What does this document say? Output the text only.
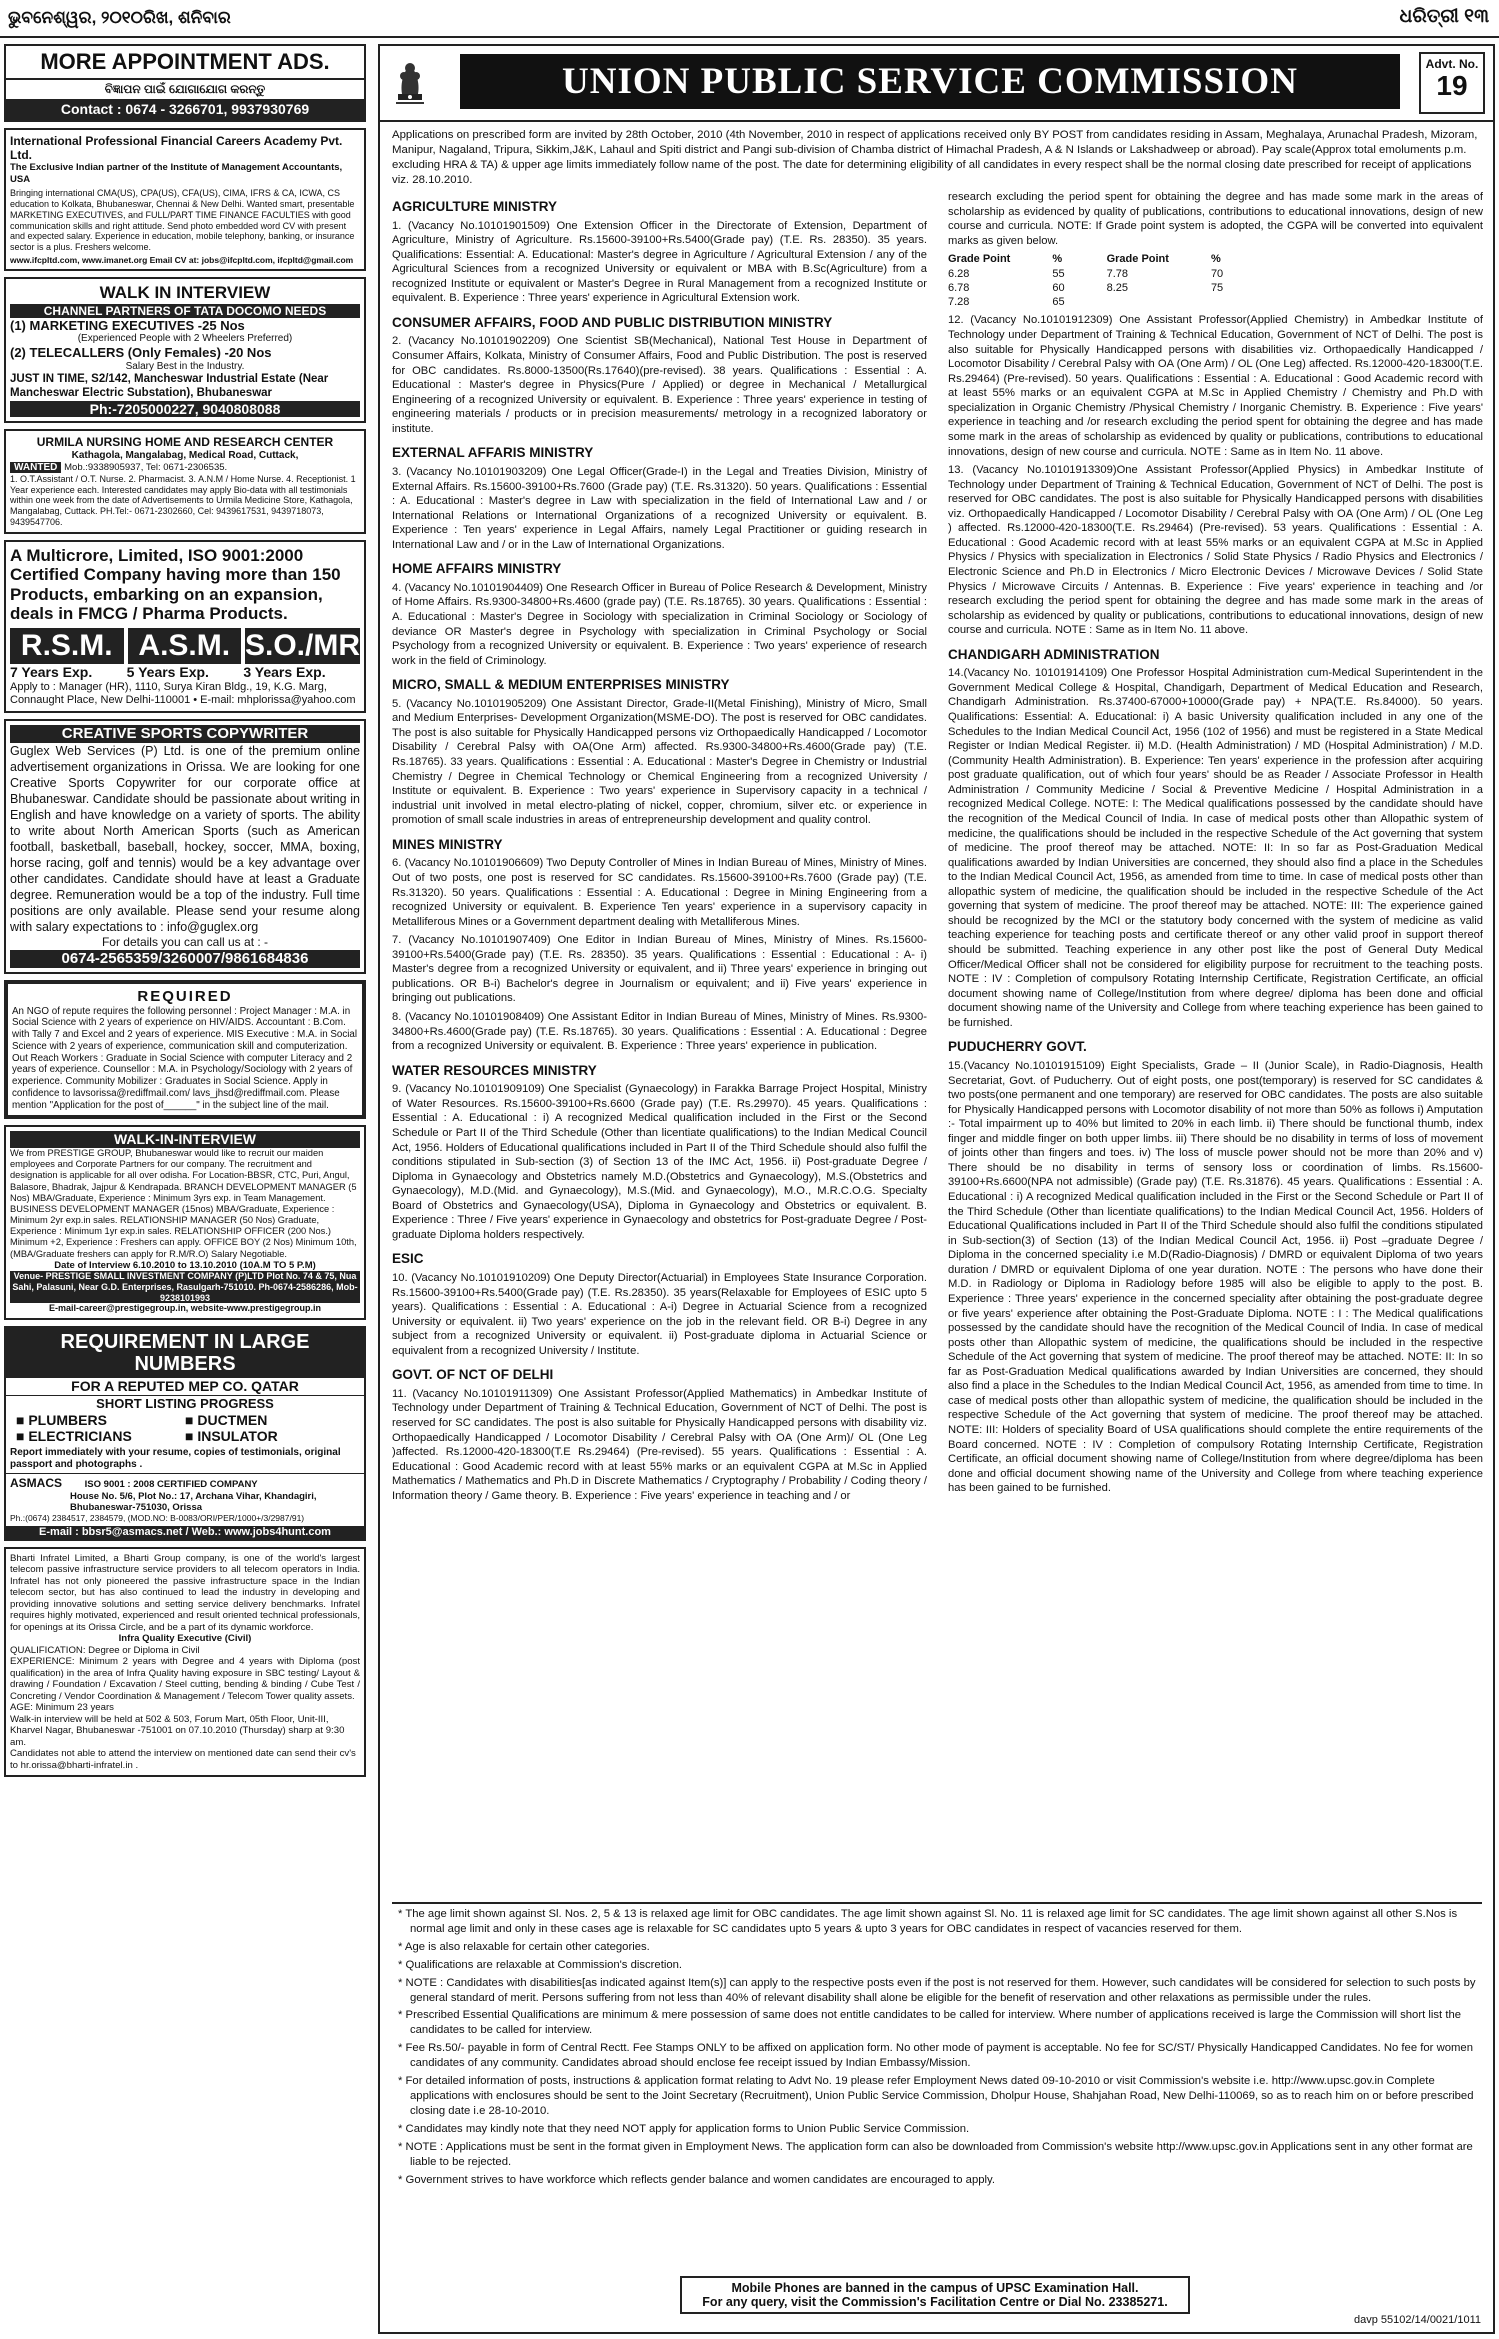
ଭୁବନେଶ୍ୱର, ୨୦୧୦ରିଖ, ଶନିବାର	ଧରିତ୍ରୀ ୧୩
MORE APPOINTMENT ADS.
ବିଜ୍ଞାପନ ପାଇଁ ଯୋଗାଯୋଗ କରନ୍ତୁ
Contact : 0674 - 3266701, 9937930769
International Professional Financial Careers Academy Pvt. Ltd.
The Exclusive Indian partner of the Institute of Management Accountants, USA
Bringing international CMA(US), CPA(US), CFA(US), CIMA, IFRS & CA, ICWA, CS education to Kolkata, Bhubaneswar, Chennai & New Delhi. Wanted smart, presentable MARKETING EXECUTIVES, and FULL/PART TIME FINANCE FACULTIES with good communication skills and right attitude. Send photo embedded word CV with present and expected salary. Experience in education, mobile telephony, banking, or insurance sector is a plus. Freshers welcome.
www.ifcpltd.com, www.imanet.org Email CV at: jobs@ifcpltd.com, ifcpltd@gmail.com
WALK IN INTERVIEW
CHANNEL PARTNERS OF TATA DOCOMO NEEDS
(1) MARKETING EXECUTIVES -25 Nos
(Experienced People with 2 Wheelers Preferred)
(2) TELECALLERS (Only Females) -20 Nos
Salary Best in the Industry.
JUST IN TIME, S2/142, Mancheswar Industrial Estate (Near Mancheswar Electric Substation), Bhubaneswar
Ph:-7205000227, 9040808088
URMILA NURSING HOME AND RESEARCH CENTER
Kathagola, Mangalabag, Medical Road, Cuttack,
WANTED Mob.:9338905937, Tel: 0671-2306535.
1. O.T.Assistant / O.T. Nurse. 2. Pharmacist. 3. A.N.M / Home Nurse. 4. Receptionist. 1 Year experience each. Interested candidates may apply Bio-data with all testimonials within one week from the date of Advertisements to Urmila Medicine Store, Kathagola, Mangalabag, Cuttack. PH.Tel:- 0671-2302660, Cel: 9439617531, 9439718073, 9439547706.
A Multicrore, Limited, ISO 9001:2000 Certified Company having more than 150 Products, embarking on an expansion, deals in FMCG / Pharma Products.
R.S.M. A.S.M. S.O./MR
7 Years Exp.	5 Years Exp.	3 Years Exp.
Apply to : Manager (HR), 1110, Surya Kiran Bldg., 19, K.G. Marg, Connaught Place, New Delhi-110001 • E-mail: mhplorissa@yahoo.com
CREATIVE SPORTS COPYWRITER
Guglex Web Services (P) Ltd. is one of the premium online advertisement organizations in Orissa. We are looking for one Creative Sports Copywriter for our corporate office at Bhubaneswar. Candidate should be passionate about writing in English and have knowledge on a variety of sports. The ability to write about North American Sports (such as American football, basketball, baseball, hockey, soccer, MMA, boxing, horse racing, golf and tennis) would be a key advantage over other candidates. Candidate should have at least a Graduate degree. Remuneration would be a top of the industry. Full time positions are only available. Please send your resume along with salary expectations to : info@guglex.org
For details you can call us at : -
0674-2565359/3260007/9861684836
REQUIRED
An NGO of repute requires the following personnel : Project Manager : M.A. in Social Science with 2 years of experience on HIV/AIDS. Accountant : B.Com. with Tally 7 and Excel and 2 years of experience. MIS Executive : M.A. in Social Science with 2 years of experience, communication skill and computerization. Out Reach Workers : Graduate in Social Science with computer Literacy and 2 years of experience. Counsellor : M.A. in Psychology/Sociology with 2 years of experience. Community Mobilizer : Graduates in Social Science. Apply in confidence to lavsorissa@rediffmail.com/ lavs_jhsd@rediffmail.com. Please mention "Application for the post of______" in the subject line of the mail.
WALK-IN-INTERVIEW
We from PRESTIGE GROUP, Bhubaneswar would like to recruit our maiden employees and Corporate Partners for our company. The recruitment and designation is applicable for all over odisha. For Location-BBSR, CTC, Puri, Angul, Balasore, Bhadrak, Jajpur & Kendrapada. BRANCH DEVELOPMENT MANAGER (5 Nos) MBA/Graduate, Experience : Minimum 3yrs exp. in Team Management. BUSINESS DEVELOPMENT MANAGER (15nos) MBA/Graduate, Experience : Minimum 2yr exp.in sales. RELATIONSHIP MANAGER (50 Nos) Graduate, Experience : Minimum 1yr exp.in sales. RELATIONSHIP OFFICER (200 Nos.) Minimum +2, Experience : Freshers can apply. OFFICE BOY (2 Nos) Minimum 10th, (MBA/Graduate freshers can apply for R.M/R.O) Salary Negotiable.
Date of Interview 6.10.2010 to 13.10.2010 (10A.M TO 5 P.M)
Venue- PRESTIGE SMALL INVESTMENT COMPANY (P)LTD Plot No. 74 & 75, Nua Sahi, Palasuni, Near G.D. Enterprises, Rasulgarh-751010. Ph-0674-2586286, Mob-9238101993
E-mail-career@prestigegroup.in, website-www.prestigegroup.in
REQUIREMENT IN LARGE NUMBERS
FOR A REPUTED MEP CO. QATAR
SHORT LISTING PROGRESS
■ PLUMBERS	■ DUCTMEN
■ ELECTRICIANS	■ INSULATOR
Report immediately with your resume, copies of testimonials, original passport and photographs .
ASMACS ISO 9001 : 2008 CERTIFIED COMPANY
House No. 5/6, Plot No.: 17, Archana Vihar, Khandagiri, Bhubaneswar-751030, Orissa
Ph.:(0674) 2384517, 2384579, (MOD.NO: B-0083/ORI/PER/1000+/3/2987/91)
E-mail : bbsr5@asmacs.net / Web.: www.jobs4hunt.com
Bharti Infratel Limited, a Bharti Group company, is one of the world's largest telecom passive infrastructure service providers to all telecom operators in India. Infratel has not only pioneered the passive infrastructure space in the Indian telecom sector, but has also continued to lead the industry in developing and providing innovative solutions and setting service delivery benchmarks. Infratel requires highly motivated, experienced and result oriented technical professionals, for openings at its Orissa Circle, and be a part of its dynamic workforce.
Infra Quality Executive (Civil)
QUALIFICATION: Degree or Diploma in Civil
EXPERIENCE: Minimum 2 years with Degree and 4 years with Diploma (post qualification) in the area of Infra Quality having exposure in SBC testing/ Layout & drawing / Foundation / Excavation / Steel cutting, bending & binding / Cube Test / Concreting / Vendor Coordination & Management / Telecom Tower quality assets.
AGE: Minimum 23 years
Walk-in interview will be held at 502 & 503, Forum Mart, 05th Floor, Unit-III, Kharvel Nagar, Bhubaneswar -751001 on 07.10.2010 (Thursday) sharp at 9:30 am.
Candidates not able to attend the interview on mentioned date can send their cv's to hr.orissa@bharti-infratel.in .
UNION PUBLIC SERVICE COMMISSION	Advt. No.
19
Applications on prescribed form are invited by 28th October, 2010 (4th November, 2010 in respect of applications received only BY POST from candidates residing in Assam, Meghalaya, Arunachal Pradesh, Mizoram, Manipur, Nagaland, Tripura, Sikkim,J&K, Lahaul and Spiti district and Pangi sub-division of Chamba district of Himachal Pradesh, A & N Islands or Lakshadweep or abroad). Pay scale(Approx total emoluments p.m. excluding HRA & TA) & upper age limits immediately follow name of the post. The date for determining eligibility of all candidates in every respect shall be the normal closing date prescribed for receipt of applications viz. 28.10.2010.
AGRICULTURE MINISTRY
1. (Vacancy No.10101901509) One Extension Officer in the Directorate of Extension, Department of Agriculture, Ministry of Agriculture. Rs.15600-39100+Rs.5400(Grade pay) (T.E. Rs. 28350). 35 years. Qualifications: Essential: A. Educational: Master's degree in Agriculture / Agricultural Extension / any of the Agricultural Sciences from a recognized University or equivalent or MBA with B.Sc(Agriculture) from a recognized Institute or equivalent or Master's Degree in Rural Management from a recognized Institute or equivalent. B. Experience : Three years' experience in Agricultural Extension work.
CONSUMER AFFAIRS, FOOD AND PUBLIC DISTRIBUTION MINISTRY
2. (Vacancy No.10101902209) One Scientist SB(Mechanical), National Test House in Department of Consumer Affairs, Kolkata, Ministry of Consumer Affairs, Food and Public Distribution. The post is reserved for OBC candidates. Rs.8000-13500(Rs.17640)(pre-revised). 38 years. Qualifications : Essential : A. Educational : Master's degree in Physics(Pure / Applied) or degree in Mechanical / Metallurgical Engineering of a recognized University or equivalent. B. Experience : Three years' experience in testing of engineering materials / products or in precision measurements/ metrology in a recognized laboratory or institute.
EXTERNAL AFFARIS MINISTRY
3. (Vacancy No.10101903209) One Legal Officer(Grade-I) in the Legal and Treaties Division, Ministry of External Affairs. Rs.15600-39100+Rs.7600 (Grade pay) (T.E. Rs.31320). 50 years. Qualifications : Essential : A. Educational : Master's degree in Law with specialization in the field of International Law and / or International Relations or International Organizations of a recognized University or equivalent. B. Experience : Ten years' experience in Legal Affairs, namely Legal Practitioner or guiding research in International Law and / or in the Law of International Organizations.
HOME AFFAIRS MINISTRY
4. (Vacancy No.10101904409) One Research Officer in Bureau of Police Research & Development, Ministry of Home Affairs. Rs.9300-34800+Rs.4600 (grade pay) (T.E. Rs.18765). 30 years. Qualifications : Essential : A. Educational : Master's Degree in Sociology with specialization in Criminal Sociology or Sociology of deviance OR Master's degree in Psychology with specialization in Criminal Psychology or Social Psychology from a recognized University or equivalent. B. Experience : Two years' experience of research work in the field of Criminology.
MICRO, SMALL & MEDIUM ENTERPRISES MINISTRY
5. (Vacancy No.10101905209) One Assistant Director, Grade-II(Metal Finishing), Ministry of Micro, Small and Medium Enterprises- Development Organization(MSME-DO). The post is reserved for OBC candidates. The post is also suitable for Physically Handicapped persons viz Orthopaedically Handicapped / Locomotor Disability / Cerebral Palsy with OA(One Arm) affected. Rs.9300-34800+Rs.4600(Grade pay) (T.E. Rs.18765). 33 years. Qualifications : Essential : A. Educational : Master's Degree in Chemistry or Industrial Chemistry / Degree in Chemical Technology or Chemical Engineering from a recognized University / Institute or equivalent. B. Experience : Two years' experience in Supervisory capacity in a technical / industrial unit involved in metal electro-plating of nickel, copper, chromium, silver etc. or experience in promotion of small scale industries in areas of entrepreneurship development and quality control.
MINES MINISTRY
6. (Vacancy No.10101906609) Two Deputy Controller of Mines in Indian Bureau of Mines, Ministry of Mines. Out of two posts, one post is reserved for SC candidates. Rs.15600-39100+Rs.7600 (Grade pay) (T.E. Rs.31320). 50 years. Qualifications : Essential : A. Educational : Degree in Mining Engineering from a recognized University or equivalent. B. Experience Ten years' experience in a supervisory capacity in Metalliferous Mines or a Government department dealing with Metalliferous Mines.
7. (Vacancy No.10101907409) One Editor in Indian Bureau of Mines, Ministry of Mines. Rs.15600-39100+Rs.5400(Grade pay) (T.E. Rs. 28350). 35 years. Qualifications : Essential : Educational : A- i) Master's degree from a recognized University or equivalent, and ii) Three years' experience in bringing out publications. OR B-i) Bachelor's degree in Journalism or equivalent; and ii) Five years' experience in bringing out publications.
8. (Vacancy No.10101908409) One Assistant Editor in Indian Bureau of Mines, Ministry of Mines. Rs.9300-34800+Rs.4600(Grade pay) (T.E. Rs.18765). 30 years. Qualifications : Essential : A. Educational : Degree from a recognized University or equivalent. B. Experience : Three years' experience in publication.
WATER RESOURCES MINISTRY
9. (Vacancy No.10101909109) One Specialist (Gynaecology) in Farakka Barrage Project Hospital, Ministry of Water Resources. Rs.15600-39100+Rs.6600 (Grade pay) (T.E. Rs.29970). 45 years. Qualifications : Essential : A. Educational : i) A recognized Medical qualification included in the First or the Second Schedule or Part II of the Third Schedule (Other than licentiate qualifications) to the Indian Medical Council Act, 1956. Holders of Educational qualifications included in Part II of the Third Schedule should also fulfil the conditions stipulated in Sub-section (3) of Section 13 of the IMC Act, 1956. ii) Post-graduate Degree / Diploma in Gynaecology and Obstetrics namely M.D.(Obstetrics and Gynaecology), M.S.(Obstetrics and Gynaecology), M.D.(Mid. and Gynaecology), M.S.(Mid. and Gynaecology), M.O., M.R.C.O.G. Specialty Board of Obstetrics and Gynaecology(USA), Diploma in Gynaecology and Obstetrics or equivalent. B. Experience : Three / Five years' experience in Gynaecology and obstetrics for Post-graduate Degree / Post-graduate Diploma holders respectively.
ESIC
10. (Vacancy No.10101910209) One Deputy Director(Actuarial) in Employees State Insurance Corporation. Rs.15600-39100+Rs.5400(Grade pay) (T.E. Rs.28350). 35 years(Relaxable for Employees of ESIC upto 5 years). Qualifications : Essential : A. Educational : A-i) Degree in Actuarial Science from a recognized University or equivalent. ii) Two years' experience on the job in the relevant field. OR B-i) Degree in any subject from a recognized University or equivalent. ii) Post-graduate diploma in Actuarial Science or equivalent from a recognized University / Institute.
GOVT. OF NCT OF DELHI
11. (Vacancy No.10101911309) One Assistant Professor(Applied Mathematics) in Ambedkar Institute of Technology under Department of Training & Technical Education, Government of NCT of Delhi. The post is reserved for SC candidates. The post is also suitable for Physically Handicapped persons with disability viz. Orthopaedically Handicapped / Locomotor Disability / Cerebral Palsy with OA (One Arm)/ OL (One Leg )affected. Rs.12000-420-18300(T.E Rs.29464) (Pre-revised). 55 years. Qualifications : Essential : A. Educational : Good Academic record with at least 55% marks or an equivalent CGPA at M.Sc in Applied Mathematics / Mathematics and Ph.D in Discrete Mathematics / Cryptography / Probability / Coding theory / Information theory / Game theory. B. Experience : Five years' experience in teaching and / or
research excluding the period spent for obtaining the degree and has made some mark in the areas of scholarship as evidenced by quality of publications, contributions to educational innovations, design of new course and curricula. NOTE: If Grade point system is adopted, the CGPA will be converted into equivalent marks as given below.
Grade Point	%	Grade Point	%
6.28	55	7.78	70
6.78	60	8.25	75
7.28	65		
12. (Vacancy No.10101912309) One Assistant Professor(Applied Chemistry) in Ambedkar Institute of Technology under Department of Training & Technical Education, Government of NCT of Delhi. The post is also suitable for Physically Handicapped persons with disabilities viz. Orthopaedically Handicapped / Locomotor Disability / Cerebral Palsy with OA (One Arm) / OL (One Leg) affected. Rs.12000-420-18300(T.E. Rs.29464) (Pre-revised). 50 years. Qualifications : Essential : A. Educational : Good Academic record with at least 55% marks or an equivalent CGPA at M.Sc in Applied Chemistry / Chemistry and Ph.D with specialization in Organic Chemistry /Physical Chemistry / Inorganic Chemistry. B. Experience : Five years' experience in teaching and /or research excluding the period spent for obtaining the degree and has made some mark in the areas of scholarship as evidenced by quality or publications, contributions to educational innovations, design of new course and curricula. NOTE : Same as in Item No. 11 above.
13. (Vacancy No.10101913309)One Assistant Professor(Applied Physics) in Ambedkar Institute of Technology under Department of Training & Technical Education, Government of NCT of Delhi. The post is reserved for OBC candidates. The post is also suitable for Physically Handicapped persons with disabilities viz. Orthopaedically Handicapped / Locomotor Disability / Cerebral Palsy with OA (One Arm) / OL (One Leg ) affected. Rs.12000-420-18300(T.E. Rs.29464) (Pre-revised). 53 years. Qualifications : Essential : A. Educational : Good Academic record with at least 55% marks or an equivalent CGPA at M.Sc in Applied Physics / Physics with specialization in Electronics / Solid State Physics / Radio Physics and Electronics / Electronic Science and Ph.D in Electronics / Micro Electronic Devices / Microwave Devices / Solid State Physics / Microwave Circuits / Antennas. B. Experience : Five years' experience in teaching and /or research excluding the period spent for obtaining the degree and has made some mark in the areas of scholarship as evidenced by quality or publications, contributions to educational innovations, design of new course and curricula. NOTE : Same as in Item No. 11 above.
CHANDIGARH ADMINISTRATION
14.(Vacancy No. 10101914109) One Professor Hospital Administration cum-Medical Superintendent in the Government Medical College & Hospital, Chandigarh, Department of Medical Education and Research, Chandigarh Administration. Rs.37400-67000+10000(Grade pay) + NPA(T.E. Rs.84000). 50 years. Qualifications: Essential: A. Educational: i) A basic University qualification included in any one of the Schedules to the Indian Medical Council Act, 1956 (102 of 1956) and must be registered in a State Medical Register or Indian Medical Register. ii) M.D. (Health Administration) / MD (Hospital Administration) / M.D.(Community Health Administration). B. Experience: Ten years' experience in the profession after acquiring post graduate qualification, out of which four years' should be as Reader / Associate Professor in Health Administration / Community Medicine / Social & Preventive Medicine / Hospital Administration in a recognized Medical College. NOTE: I: The Medical qualifications possessed by the candidate should have the recognition of the Medical Council of India. In case of medical posts other than Allopathic system of medicine, the qualifications should be included in the respective Schedule of the Act governing that system of medicine. The proof thereof may be attached. NOTE: II: In so far as Post-Graduation Medical qualifications awarded by Indian Universities are concerned, they should also find a place in the Schedules to the Indian Medical Council Act, 1956, as amended from time to time. In case of medical posts other than allopathic system of medicine, the qualification should be included in the respective Schedule of the Act governing that system of medicine. The proof thereof may be attached. NOTE: III: The experience gained should be recognized by the MCI or the statutory body concerned with the system of medicine as valid teaching experience for teaching posts and certificate thereof or any other valid proof in support thereof should be submitted. Teaching experience in any other post like the post of General Duty Medical Officer/Medical Officer shall not be considered for eligibility purpose for recruitment to the teaching posts. NOTE : IV : Completion of compulsory Rotating Internship Certificate, Registration Certificate, an official document showing name of College/Institution from where degree/ diploma has been done and official document showing name of the University and College from where teaching experience has been gained to be furnished.
PUDUCHERRY GOVT.
15.(Vacancy No.10101915109) Eight Specialists, Grade – II (Junior Scale), in Radio-Diagnosis, Health Secretariat, Govt. of Puducherry. Out of eight posts, one post(temporary) is reserved for SC candidates & two posts(one permanent and one temporary) are reserved for OBC candidates. The posts are also suitable for Physically Handicapped persons with Locomotor disability of not more than 50% as follows i) Amputation :- Total impairment up to 40% but limited to 20% in each limb. ii) There should be functional thumb, index finger and middle finger on both upper limbs. iii) There should be no disability in terms of loss of movement of joints other than fingers and toes. iv) The loss of muscle power should not be more than 20% and v) There should be no disability in terms of sensory loss or coordination of limbs. Rs.15600-39100+Rs.6600(NPA not admissible) (Grade pay) (T.E. Rs.31876). 45 years. Qualifications : Essential : A. Educational : i) A recognized Medical qualification included in the First or the Second Schedule or Part II of the Third Schedule (Other than licentiate qualifications) to the Indian Medical Council Act, 1956. Holders of Educational Qualifications included in Part II of the Third Schedule should also fulfil the conditions stipulated in Sub-section(3) of Section (13) of the Indian Medical Council Act, 1956. ii) Post –graduate Degree / Diploma in the concerned speciality i.e M.D(Radio-Diagnosis) / DMRD or equivalent Diploma of two years duration / DMRD or equivalent Diploma of one year duration. NOTE : The persons who have done their M.D. in Radiology or Diploma in Radiology before 1985 will also be eligible to apply to the post. B. Experience : Three years' experience in the concerned speciality after obtaining the post-graduate degree or five years' experience after obtaining the Post-Graduate Diploma. NOTE : I : The Medical qualifications possessed by the candidate should have the recognition of the Medical Council of India. In case of medical posts other than Allopathic system of medicine, the qualifications should be included in the respective Schedule of the Act governing that system of medicine. The proof thereof may be attached. NOTE: II: In so far as Post-Graduation Medical qualifications awarded by Indian Universities are concerned, they should also find a place in the Schedules to the Indian Medical Council Act, 1956, as amended from time to time. In case of medical posts other than allopathic system of medicine, the qualification should be included in the respective Schedule of the Act governing that system of medicine. The proof thereof may be attached. NOTE: III: Holders of speciality Board of USA qualifications should complete the entire requirements of the Board concerned. NOTE : IV : Completion of compulsory Rotating Internship Certificate, Registration Certificate, an official document showing name of College/Institution from where degree/diploma has been done and official document showing name of the University and College from where teaching experience has been gained to be furnished.
* The age limit shown against Sl. Nos. 2, 5 & 13 is relaxed age limit for OBC candidates. The age limit shown against Sl. No. 11 is relaxed age limit for SC candidates. The age limit shown against all other S.Nos is normal age limit and only in these cases age is relaxable for SC candidates upto 5 years & upto 3 years for OBC candidates in respect of vacancies reserved for them.
* Age is also relaxable for certain other categories.
* Qualifications are relaxable at Commission's discretion.
* NOTE : Candidates with disabilities[as indicated against Item(s)] can apply to the respective posts even if the post is not reserved for them. However, such candidates will be considered for selection to such posts by general standard of merit. Persons suffering from not less than 40% of relevant disability shall alone be eligible for the benefit of reservation and other relaxations as permissible under the rules.
* Prescribed Essential Qualifications are minimum & mere possession of same does not entitle candidates to be called for interview. Where number of applications received is large the Commission will short list the candidates to be called for interview.
* Fee Rs.50/- payable in form of Central Rectt. Fee Stamps ONLY to be affixed on application form. No other mode of payment is acceptable. No fee for SC/ST/ Physically Handicapped Candidates. No fee for women candidates of any community. Candidates abroad should enclose fee receipt issued by Indian Embassy/Mission.
* For detailed information of posts, instructions & application format relating to Advt No. 19 please refer Employment News dated 09-10-2010 or visit Commission's website i.e. http://www.upsc.gov.in Complete applications with enclosures should be sent to the Joint Secretary (Recruitment), Union Public Service Commission, Dholpur House, Shahjahan Road, New Delhi-110069, so as to reach him on or before prescribed closing date i.e 28-10-2010.
* Candidates may kindly note that they need NOT apply for application forms to Union Public Service Commission.
* NOTE : Applications must be sent in the format given in Employment News. The application form can also be downloaded from Commission's website http://www.upsc.gov.in Applications sent in any other format are liable to be rejected.
* Government strives to have workforce which reflects gender balance and women candidates are encouraged to apply.
Mobile Phones are banned in the campus of UPSC Examination Hall.
For any query, visit the Commission's Facilitation Centre or Dial No. 23385271.
davp 55102/14/0021/1011
